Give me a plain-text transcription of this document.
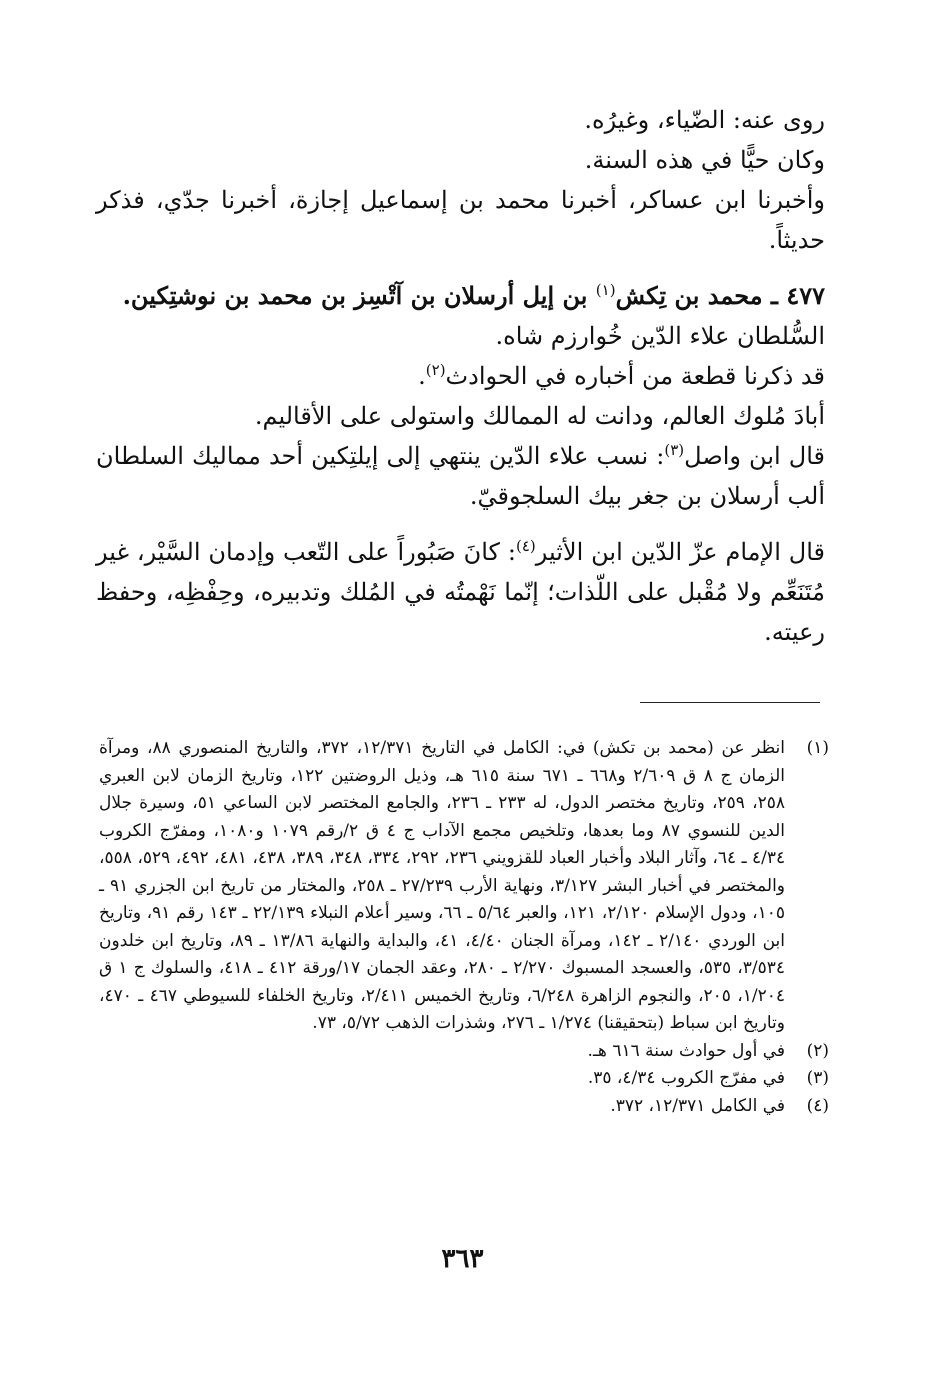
روى عنه: الضّياء، وغيرُه.

وكان حيًّا في هذه السنة.

وأخبرنا ابن عساكر، أخبرنا محمد بن إسماعيل إجازة، أخبرنا جدّي، فذكر حديثاً.

٤٧٧ ـ محمد بن تِكش$^{(١)}$ بن إيل أرسلان بن آتْسِز بن محمد بن نوشتِكين.

السُّلطان علاء الدّين خُوارزم شاه.

قد ذكرنا قطعة من أخباره في الحوادث$^{(٢)}$.

أبادَ مُلوك العالم، ودانت له الممالك واستولى على الأقاليم.

قال ابن واصل$^{(٣)}$: نسب علاء الدّين ينتهي إلى إيلتِكين أحد مماليك السلطان ألب أرسلان بن جغر بيك السلجوقيّ.

قال الإمام عزّ الدّين ابن الأثير$^{(٤)}$: كانَ صَبُوراً على التّعب وإدمان السَّيْر، غير مُتَنَعِّم ولا مُقْبل على اللّذات؛ إنّما نَهْمتُه في المُلك وتدبيره، وحِفْظِه، وحفظ رعيته.

(١)
انظر عن (محمد بن تكش) في: الكامل في التاريخ ١٢/٣٧١، ٣٧٢، والتاريخ المنصوري ٨٨، ومرآة الزمان ج ٨ ق ٢/٦٠٩ و٦٦٨ ـ ٦٧١ سنة ٦١٥ هـ، وذيل الروضتين ١٢٢، وتاريخ الزمان لابن العبري ٢٥٨، ٢٥٩، وتاريخ مختصر الدول، له ٢٣٣ ـ ٢٣٦، والجامع المختصر لابن الساعي ٥١، وسيرة جلال الدين للنسوي ٨٧ وما بعدها، وتلخيص مجمع الآداب ج ٤ ق ٢/رقم ١٠٧٩ و١٠٨٠، ومفرّج الكروب ٤/٣٤ ـ ٦٤، وآثار البلاد وأخبار العباد للقزويني ٢٣٦، ٢٩٢، ٣٣٤، ٣٤٨، ٣٨٩، ٤٣٨، ٤٨١، ٤٩٢، ٥٢٩، ٥٥٨، والمختصر في أخبار البشر ٣/١٢٧، ونهاية الأرب ٢٧/٢٣٩ ـ ٢٥٨، والمختار من تاريخ ابن الجزري ٩١ ـ ١٠٥، ودول الإسلام ٢/١٢٠، ١٢١، والعبر ٥/٦٤ ـ ٦٦، وسير أعلام النبلاء ٢٢/١٣٩ ـ ١٤٣ رقم ٩١، وتاريخ ابن الوردي ٢/١٤٠ ـ ١٤٢، ومرآة الجنان ٤/٤٠، ٤١، والبداية والنهاية ١٣/٨٦ ـ ٨٩، وتاريخ ابن خلدون ٣/٥٣٤، ٥٣٥، والعسجد المسبوك ٢/٢٧٠ ـ ٢٨٠، وعقد الجمان ١٧/ورقة ٤١٢ ـ ٤١٨، والسلوك ج ١ ق ١/٢٠٤، ٢٠٥، والنجوم الزاهرة ٦/٢٤٨، وتاريخ الخميس ٢/٤١١، وتاريخ الخلفاء للسيوطي ٤٦٧ ـ ٤٧٠، وتاريخ ابن سباط (بتحقيقنا) ١/٢٧٤ ـ ٢٧٦، وشذرات الذهب ٥/٧٢، ٧٣.
(٢)
في أول حوادث سنة ٦١٦ هـ.
(٣)
في مفرّج الكروب ٤/٣٤، ٣٥.
(٤)
في الكامل ١٢/٣٧١، ٣٧٢.
٣٦٣
